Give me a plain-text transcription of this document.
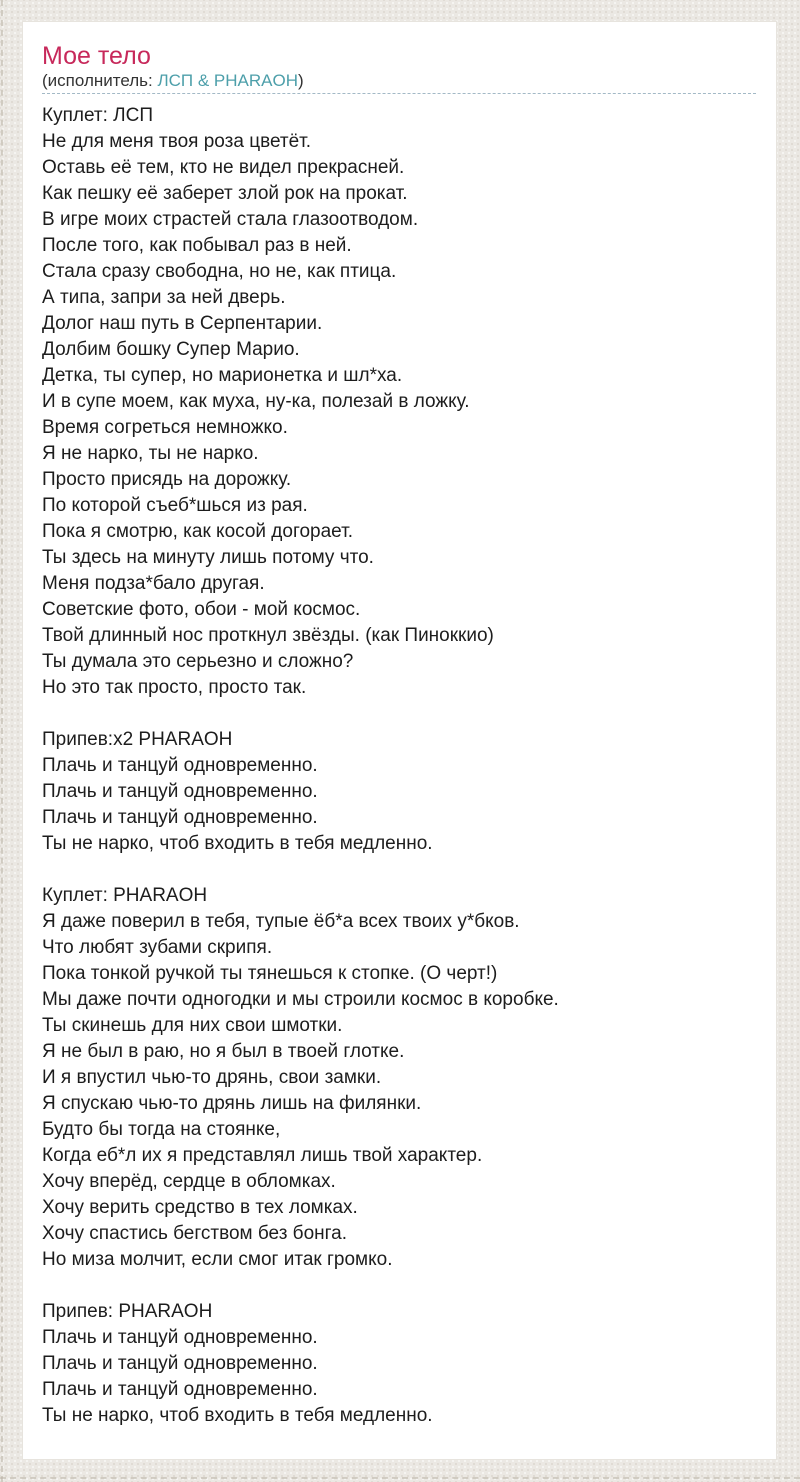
Мое тело
(исполнитель: ЛСП & PHARAOH)
Куплет: ЛСП
Не для меня твоя роза цветёт.
Оставь её тем, кто не видел прекрасней.
Как пешку её заберет злой рок на прокат.
В игре моих страстей стала глазоотводом.
После того, как побывал раз в ней.
Стала сразу свободна, но не, как птица.
А типа, запри за ней дверь.
Долог наш путь в Серпентарии.
Долбим бошку Супер Марио.
Детка, ты супер, но марионетка и шл*ха.
И в супе моем, как муха, ну-ка, полезай в ложку.
Время согреться немножко.
Я не нарко, ты не нарко.
Просто присядь на дорожку.
По которой съеб*шься из рая.
Пока я смотрю, как косой догорает.
Ты здесь на минуту лишь потому что.
Меня подза*бало другая.
Советские фото, обои - мой космос.
Твой длинный нос проткнул звёзды. (как Пиноккио)
Ты думала это серьезно и сложно?
Но это так просто, просто так.
Припев:x2 PHARAOH
Плачь и танцуй одновременно.
Плачь и танцуй одновременно.
Плачь и танцуй одновременно.
Ты не нарко, чтоб входить в тебя медленно.
Куплет: PHARAOH
Я даже поверил в тебя, тупые ёб*а всех твоих у*бков.
Что любят зубами скрипя.
Пока тонкой ручкой ты тянешься к стопке. (О черт!)
Мы даже почти одногодки и мы строили космос в коробке.
Ты скинешь для них свои шмотки.
Я не был в раю, но я был в твоей глотке.
И я впустил чью-то дрянь, свои замки.
Я спускаю чью-то дрянь лишь на филянки.
Будто бы тогда на стоянке,
Когда еб*л их я представлял лишь твой характер.
Хочу вперёд, сердце в обломках.
Хочу верить средство в тех ломках.
Хочу спастись бегством без бонга.
Но миза молчит, если смог итак громко.
Припев: PHARAOH
Плачь и танцуй одновременно.
Плачь и танцуй одновременно.
Плачь и танцуй одновременно.
Ты не нарко, чтоб входить в тебя медленно.
